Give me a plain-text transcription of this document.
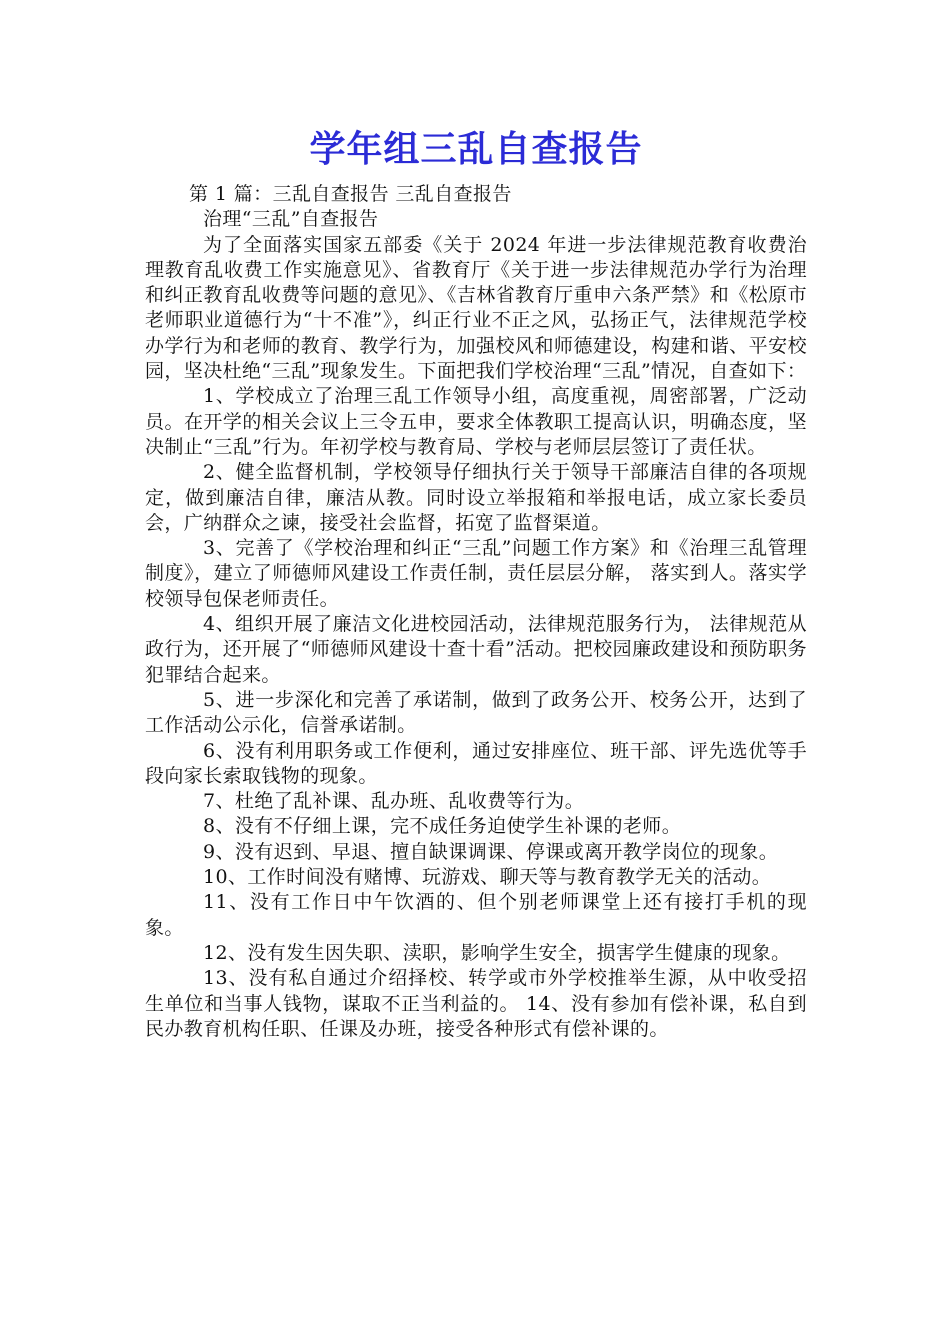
学年组三乱自查报告

第 1 篇：三乱自查报告 三乱自查报告

治理“三乱”自查报告

为了全面落实国家五部委《关于 2024 年进一步法律规范教育收费治理教育乱收费工作实施意见》、省教育厅《关于进一步法律规范办学行为治理和纠正教育乱收费等问题的意见》、《吉林省教育厅重申六条严禁》和《松原市老师职业道德行为“十不准”》，纠正行业不正之风，弘扬正气，法律规范学校办学行为和老师的教育、教学行为，加强校风和师德建设，构建和谐、平安校园，坚决杜绝“三乱”现象发生。下面把我们学校治理“三乱”情况，自查如下：

1、学校成立了治理三乱工作领导小组，高度重视，周密部署，广泛动员。在开学的相关会议上三令五申，要求全体教职工提高认识，明确态度，坚决制止“三乱”行为。年初学校与教育局、学校与老师层层签订了责任状。

2、健全监督机制，学校领导仔细执行关于领导干部廉洁自律的各项规定，做到廉洁自律，廉洁从教。同时设立举报箱和举报电话，成立家长委员会，广纳群众之谏，接受社会监督，拓宽了监督渠道。

3、完善了《学校治理和纠正“三乱”问题工作方案》和《治理三乱管理制度》，建立了师德师风建设工作责任制，责任层层分解， 落实到人。落实学校领导包保老师责任。

4、组织开展了廉洁文化进校园活动，法律规范服务行为， 法律规范从政行为，还开展了“师德师风建设十查十看”活动。把校园廉政建设和预防职务犯罪结合起来。

5、进一步深化和完善了承诺制，做到了政务公开、校务公开，达到了工作活动公示化，信誉承诺制。

6、没有利用职务或工作便利，通过安排座位、班干部、评先选优等手段向家长索取钱物的现象。

7、杜绝了乱补课、乱办班、乱收费等行为。

8、没有不仔细上课，完不成任务迫使学生补课的老师。

9、没有迟到、早退、擅自缺课调课、停课或离开教学岗位的现象。

10、工作时间没有赌博、玩游戏、聊天等与教育教学无关的活动。

11、没有工作日中午饮酒的、但个别老师课堂上还有接打手机的现象。

12、没有发生因失职、渎职，影响学生安全，损害学生健康的现象。

13、没有私自通过介绍择校、转学或市外学校推举生源，从中收受招生单位和当事人钱物，谋取不正当利益的。 14、没有参加有偿补课，私自到民办教育机构任职、任课及办班，接受各种形式有偿补课的。
